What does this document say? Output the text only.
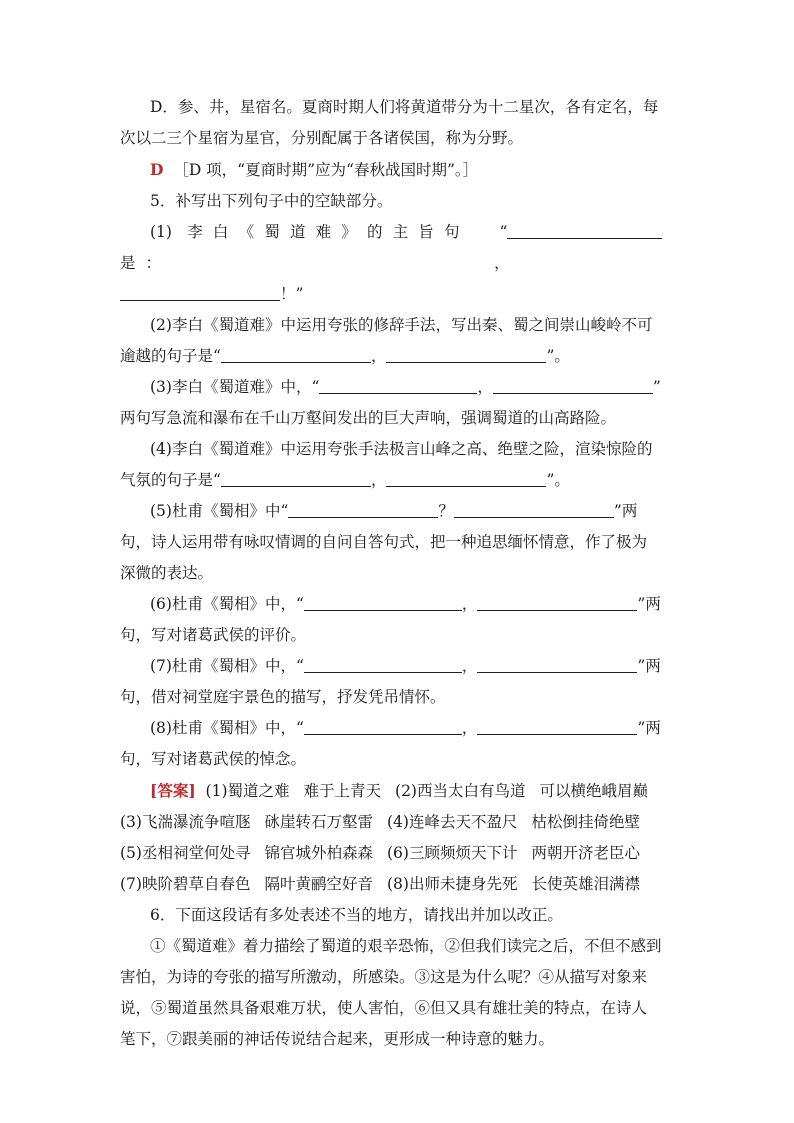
D．参、井，星宿名。夏商时期人们将黄道带分为十二星次，各有定名，每

次以二三个星宿为星官，分别配属于各诸侯国，称为分野。

D ［D 项，“夏商时期”应为“春秋战国时期”。］

5．补写出下列句子中的空缺部分。

(1) 李白《蜀道难》的主旨句是：
“     ，

！”

(2)李白《蜀道难》中运用夸张的修辞手法，写出秦、蜀之间崇山峻岭不可

逾越的句子是“	，	”。

(3)李白《蜀道难》中，“	，	”

两句写急流和瀑布在千山万壑间发出的巨大声响，强调蜀道的山高路险。

(4)李白《蜀道难》中运用夸张手法极言山峰之高、绝壁之险，渲染惊险的

气氛的句子是“	，	”。

(5)杜甫《蜀相》中“	？	”两

句，诗人运用带有咏叹情调的自问自答句式，把一种追思缅怀情意，作了极为

深微的表达。

(6)杜甫《蜀相》中，“	，	”两

句，写对诸葛武侯的评价。

(7)杜甫《蜀相》中，“	，	”两

句，借对祠堂庭宇景色的描写，抒发凭吊情怀。

(8)杜甫《蜀相》中，“	，	”两

句，写对诸葛武侯的悼念。

[答案] (1)蜀道之难 难于上青天 (2)西当太白有鸟道 可以横绝峨眉巅

(3)飞湍瀑流争喧豗 砯崖转石万壑雷 (4)连峰去天不盈尺 枯松倒挂倚绝壁

(5)丞相祠堂何处寻 锦官城外柏森森 (6)三顾频烦天下计 两朝开济老臣心

(7)映阶碧草自春色 隔叶黄鹂空好音 (8)出师未捷身先死 长使英雄泪满襟

6．下面这段话有多处表述不当的地方，请找出并加以改正。

①《蜀道难》着力描绘了蜀道的艰辛恐怖，②但我们读完之后，不但不感到

害怕，为诗的夸张的描写所激动，所感染。③这是为什么呢？④从描写对象来

说，⑤蜀道虽然具备艰难万状，使人害怕，⑥但又具有雄壮美的特点，在诗人

笔下，⑦跟美丽的神话传说结合起来，更形成一种诗意的魅力。
